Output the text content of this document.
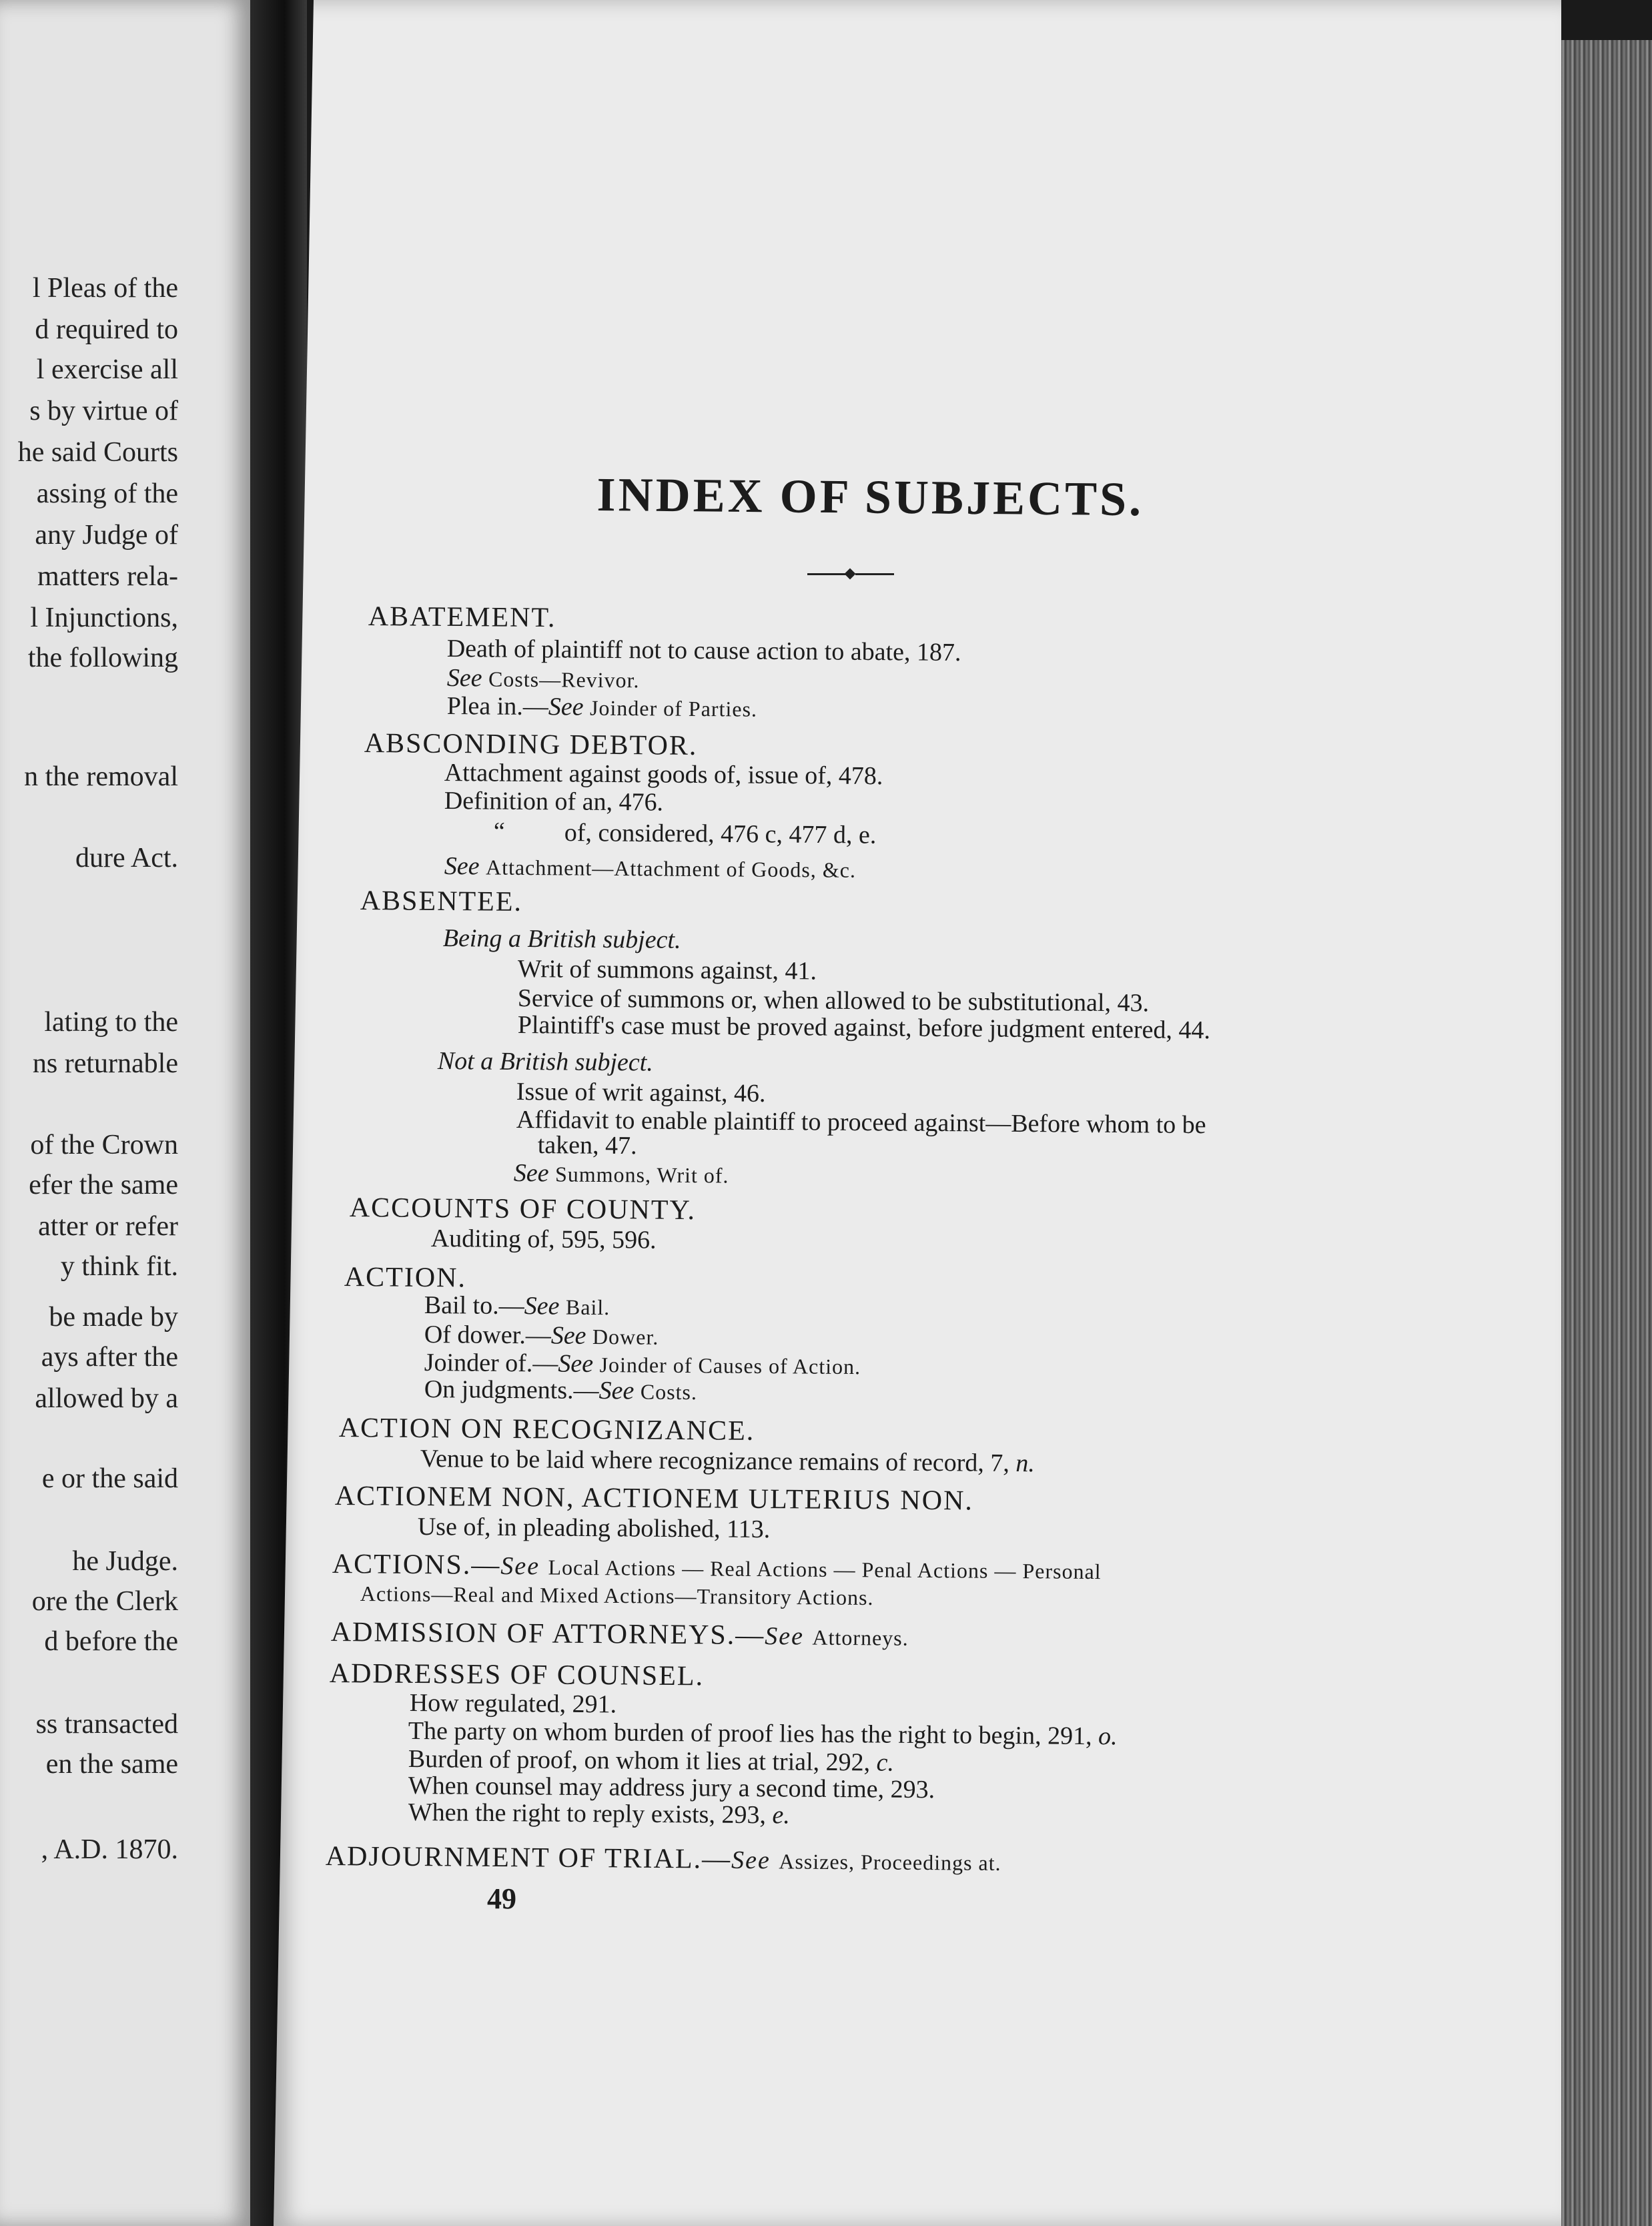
l Pleas of the
d required to
l exercise all
s by virtue of
he said Courts
assing of the
any Judge of
matters rela-
l Injunctions,
the following
n the removal
dure Act.
lating to the
ns returnable
of the Crown
efer the same
atter or refer
y think fit.
be made by
ays after the
allowed by a
e or the said
he Judge.
ore the Clerk
d before the
ss transacted
en the same
, A.D. 1870.
INDEX OF SUBJECTS.
ABATEMENT.
Death of plaintiff not to cause action to abate, 187.
See Costs—Revivor.
Plea in.—See Joinder of Parties.
ABSCONDING DEBTOR.
Attachment against goods of, issue of, 478.
Definition of an, 476.
“ of, considered, 476 c, 477 d, e.
See Attachment—Attachment of Goods, &c.
ABSENTEE.
Being a British subject.
Writ of summons against, 41.
Service of summons or, when allowed to be substitutional, 43.
Plaintiff's case must be proved against, before judgment entered, 44.
Not a British subject.
Issue of writ against, 46.
Affidavit to enable plaintiff to proceed against—Before whom to be
taken, 47.
See Summons, Writ of.
ACCOUNTS OF COUNTY.
Auditing of, 595, 596.
ACTION.
Bail to.—See Bail.
Of dower.—See Dower.
Joinder of.—See Joinder of Causes of Action.
On judgments.—See Costs.
ACTION ON RECOGNIZANCE.
Venue to be laid where recognizance remains of record, 7, n.
ACTIONEM NON, ACTIONEM ULTERIUS NON.
Use of, in pleading abolished, 113.
ACTIONS.—See Local Actions — Real Actions — Penal Actions — Personal
Actions—Real and Mixed Actions—Transitory Actions.
ADMISSION OF ATTORNEYS.—See Attorneys.
ADDRESSES OF COUNSEL.
How regulated, 291.
The party on whom burden of proof lies has the right to begin, 291, o.
Burden of proof, on whom it lies at trial, 292, c.
When counsel may address jury a second time, 293.
When the right to reply exists, 293, e.
ADJOURNMENT OF TRIAL.—See Assizes, Proceedings at.
49
